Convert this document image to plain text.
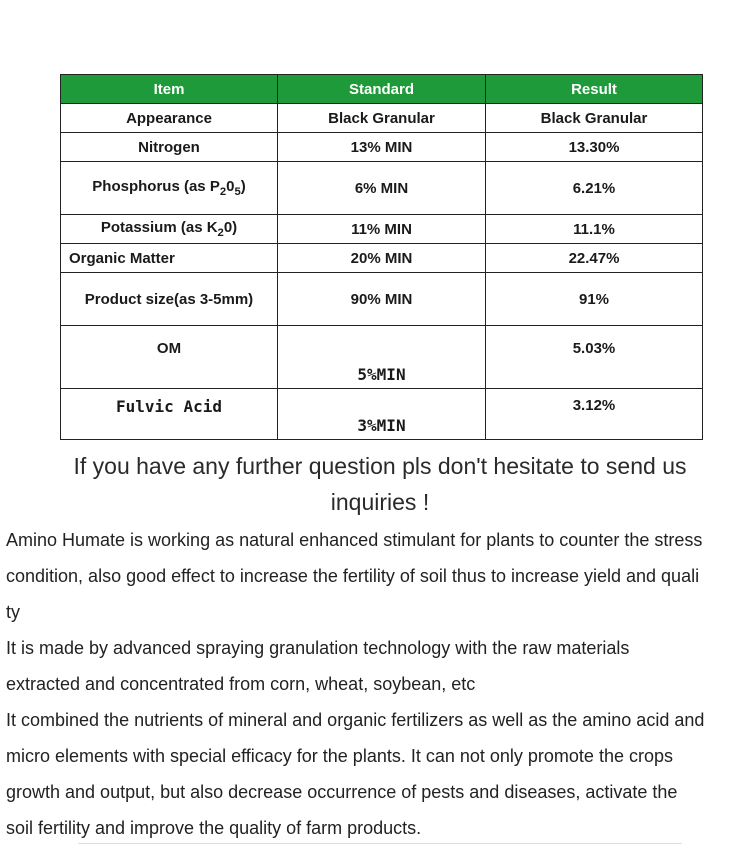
Item	Standard	Result
Appearance	Black Granular	Black Granular
Nitrogen	13% MIN	13.30%
Phosphorus (as $P_20_5$)	6% MIN	6.21%
Potassium (as $K_20$)	11% MIN	11.1%
Organic Matter	20% MIN	22.47%
Product size(as 3-5mm)	90% MIN	91%
OM	5%MIN	5.03%
Fulvic Acid	3%MIN	3.12%
If you have any further question pls don't hesitate to send us
inquiries !
Amino Humate is working as natural enhanced stimulant for plants to counter the stress
condition, also good effect to increase the fertility of soil thus to increase yield and quali
ty
It is made by advanced spraying granulation technology with the raw materials
extracted and concentrated from corn, wheat, soybean, etc
It combined the nutrients of mineral and organic fertilizers as well as the amino acid and
micro elements with special efficacy for the plants. It can not only promote the crops
growth and output, but also decrease occurrence of pests and diseases, activate the
soil fertility and improve the quality of farm products.
